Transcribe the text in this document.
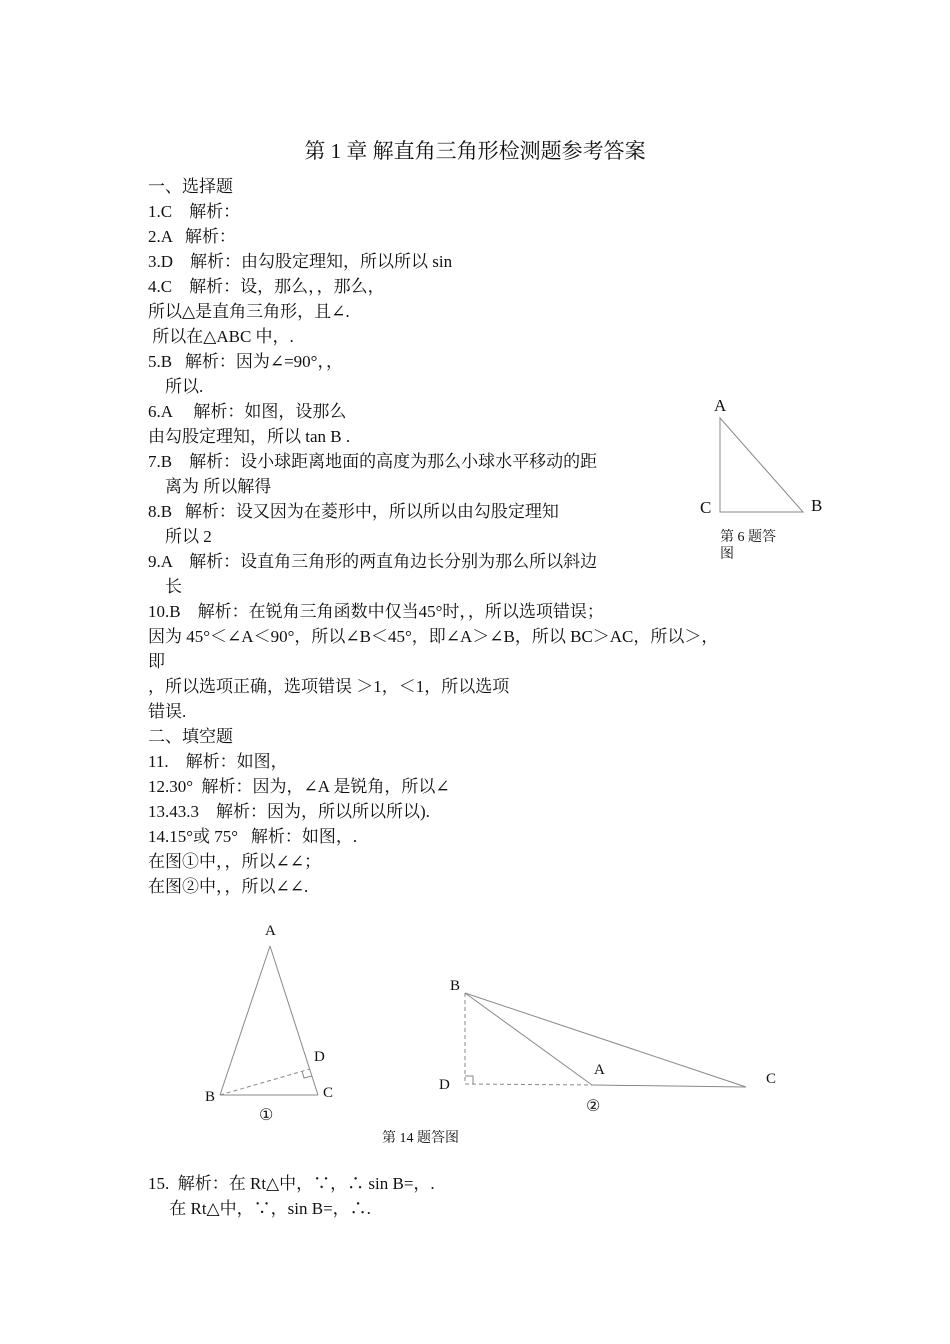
第 1 章 解直角三角形检测题参考答案
一、选择题
1.C    解析：
2.A   解析：
3.D    解析：由勾股定理知，所以所以 sin
4.C    解析：设，那么，，那么，
所以△是直角三角形，且∠.
所以在△ABC 中，.
5.B   解析：因为∠=90°，，
所以.
6.A     解析：如图，设那么
由勾股定理知，所以 tan B .
7.B    解析：设小球距离地面的高度为那么小球水平移动的距
离为 所以解得
8.B   解析：设又因为在菱形中，所以所以由勾股定理知
所以 2
9.A    解析：设直角三角形的两直角边长分别为那么所以斜边
长
10.B    解析：在锐角三角函数中仅当45°时，，所以选项错误；
因为 45°＜∠A＜90°，所以∠B＜45°，即∠A＞∠B，所以 BC＞AC，所以＞，
即
，所以选项正确，选项错误 ＞1，＜1，所以选项
错误.
二、填空题
11.    解析：如图，
12.30°  解析：因为，∠A 是锐角，所以∠
13.43.3    解析：因为，所以所以所以).
14.15°或 75°   解析：如图，.
在图①中，，所以∠∠；
在图②中，，所以∠∠.
15.  解析：在 Rt△中，∵，∴ sin B=，.
在 Rt△中，∵，sin B=，∴.
A
C	B
第 6 题答
图
A
B	C
D
①
B
D
A
C
②
第 14 题答图
